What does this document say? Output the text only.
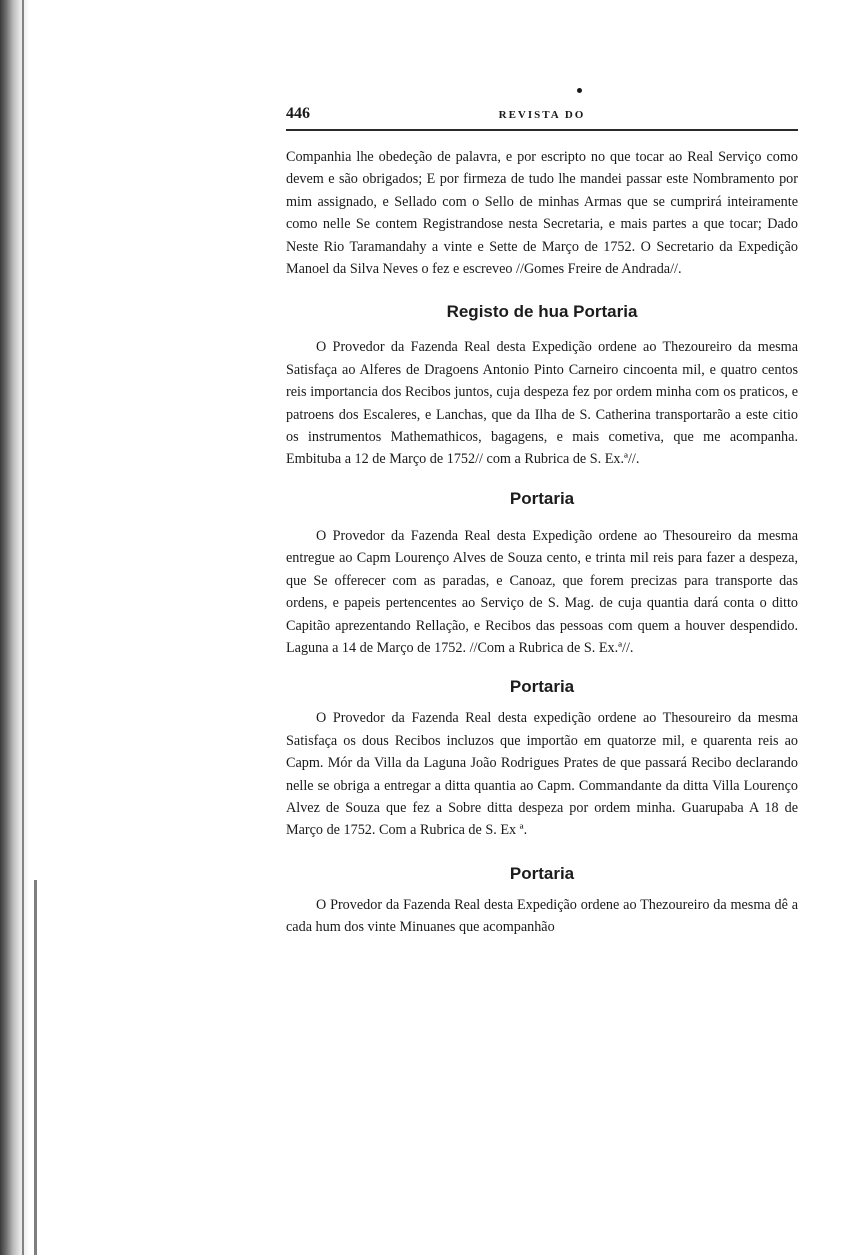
446	REVISTA DO

Companhia lhe obedeção de palavra, e por escripto no que tocar ao Real Serviço como devem e são obrigados; E por firmeza de tudo lhe mandei passar este Nombramento por mim assignado, e Sellado com o Sello de minhas Armas que se cumprirá inteiramente como nelle Se contem Registrandose nesta Secretaria, e mais partes a que tocar; Dado Neste Rio Taramandahy a vinte e Sette de Março de 1752. O Secretario da Expedição Manoel da Silva Neves o fez e escreveo //Gomes Freire de Andrada//.

Registo de hua Portaria

O Provedor da Fazenda Real desta Expedição ordene ao Thezoureiro da mesma Satisfaça ao Alferes de Dragoens Antonio Pinto Carneiro cincoenta mil, e quatro centos reis importancia dos Recibos juntos, cuja despeza fez por ordem minha com os praticos, e patroens dos Escaleres, e Lanchas, que da Ilha de S. Catherina transportarão a este citio os instrumentos Mathemathicos, bagagens, e mais cometiva, que me acompanha. Embituba a 12 de Março de 1752// com a Rubrica de S. Ex.ª//.

Portaria

O Provedor da Fazenda Real desta Expedição ordene ao Thesoureiro da mesma entregue ao Capm Lourenço Alves de Souza cento, e trinta mil reis para fazer a despeza, que Se offerecer com as paradas, e Canoaz, que forem precizas para transporte das ordens, e papeis pertencentes ao Serviço de S. Mag. de cuja quantia dará conta o ditto Capitão aprezentando Rellação, e Recibos das pessoas com quem a houver despendido. Laguna a 14 de Março de 1752. //Com a Rubrica de S. Ex.ª//.

Portaria

O Provedor da Fazenda Real desta expedição ordene ao Thesoureiro da mesma Satisfaça os dous Recibos incluzos que importão em quatorze mil, e quarenta reis ao Capm. Mór da Villa da Laguna João Rodrigues Prates de que passará Recibo declarando nelle se obriga a entregar a ditta quantia ao Capm. Commandante da ditta Villa Lourenço Alvez de Souza que fez a Sobre ditta despeza por ordem minha. Guarupaba A 18 de Março de 1752. Com a Rubrica de S. Ex ª.

Portaria

O Provedor da Fazenda Real desta Expedição ordene ao Thezoureiro da mesma dê a cada hum dos vinte Minuanes que acompanhão
